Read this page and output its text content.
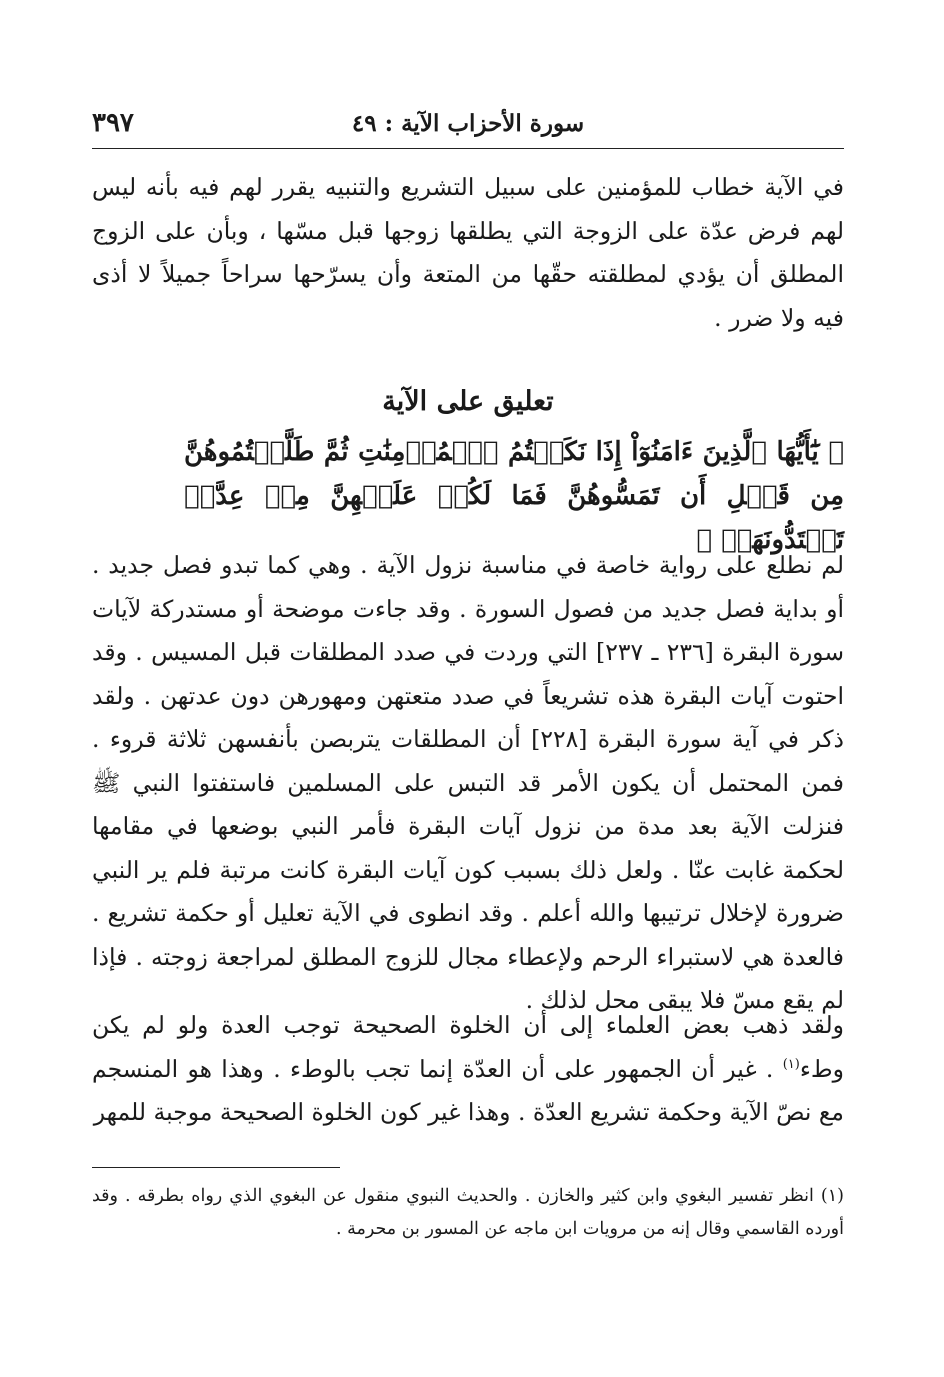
سورة الأحزاب الآية : ٤٩
٣٩٧

في الآية خطاب للمؤمنين على سبيل التشريع والتنبيه يقرر لهم فيه بأنه ليس لهم فرض عدّة على الزوجة التي يطلقها زوجها قبل مسّها ، وبأن على الزوج المطلق أن يؤدي لمطلقته حقّها من المتعة وأن يسرّحها سراحاً جميلاً لا أذى فيه ولا ضرر .

تعليق على الآية
﴿ يَٰٓأَيُّهَا ٱلَّذِينَ ءَامَنُوٓاْ إِذَا نَكَحۡتُمُ ٱلۡمُؤۡمِنَٰتِ ثُمَّ طَلَّقۡتُمُوهُنَّ مِن قَبۡلِ أَن تَمَسُّوهُنَّ فَمَا لَكُمۡ عَلَيۡهِنَّ مِنۡ عِدَّةٖ تَعۡتَدُّونَهَاۖ ﴾

لم نطلع على رواية خاصة في مناسبة نزول الآية . وهي كما تبدو فصل جديد . أو بداية فصل جديد من فصول السورة . وقد جاءت موضحة أو مستدركة لآيات سورة البقرة [٢٣٦ ـ ٢٣٧] التي وردت في صدد المطلقات قبل المسيس . وقد احتوت آيات البقرة هذه تشريعاً في صدد متعتهن ومهورهن دون عدتهن . ولقد ذكر في آية سورة البقرة [٢٢٨] أن المطلقات يتربصن بأنفسهن ثلاثة قروء . فمن المحتمل أن يكون الأمر قد التبس على المسلمين فاستفتوا النبي ﷺ فنزلت الآية بعد مدة من نزول آيات البقرة فأمر النبي بوضعها في مقامها لحكمة غابت عنّا . ولعل ذلك بسبب كون آيات البقرة كانت مرتبة فلم ير النبي ضرورة لإخلال ترتيبها والله أعلم . وقد انطوى في الآية تعليل أو حكمة تشريع . فالعدة هي لاستبراء الرحم ولإعطاء مجال للزوج المطلق لمراجعة زوجته . فإذا لم يقع مسّ فلا يبقى محل لذلك .

ولقد ذهب بعض العلماء إلى أن الخلوة الصحيحة توجب العدة ولو لم يكن وطء$^{(١)}$ . غير أن الجمهور على أن العدّة إنما تجب بالوطء . وهذا هو المنسجم مع نصّ الآية وحكمة تشريع العدّة . وهذا غير كون الخلوة الصحيحة موجبة للمهر

(١) انظر تفسير البغوي وابن كثير والخازن . والحديث النبوي منقول عن البغوي الذي رواه بطرقه . وقد أورده القاسمي وقال إنه من مرويات ابن ماجه عن المسور بن محرمة .
